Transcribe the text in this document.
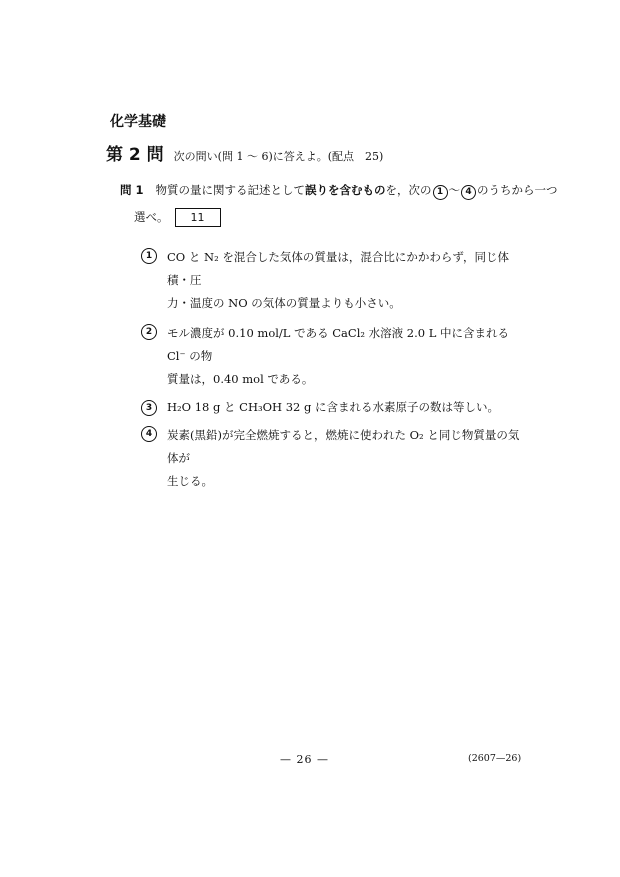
化学基礎
第 2 問 次の問い(問 1 ～ 6)に答えよ。(配点　25)
問 1 物質の量に関する記述として 誤りを含むもの を，次の 1 ～ 4 のうちから一つ
選べ。	11
1	CO と N₂ を混合した気体の質量は，混合比にかかわらず，同じ体積・圧
力・温度の NO の気体の質量よりも小さい。
2	モル濃度が 0.10 mol/L である CaCl₂ 水溶液 2.0 L 中に含まれる Cl⁻ の物
質量は，0.40 mol である。
3	H₂O 18 g と CH₃OH 32 g に含まれる水素原子の数は等しい。
4	炭素(黒鉛)が完全燃焼すると，燃焼に使われた O₂ と同じ物質量の気体が
生じる。
— 26 —	(2607—26)
